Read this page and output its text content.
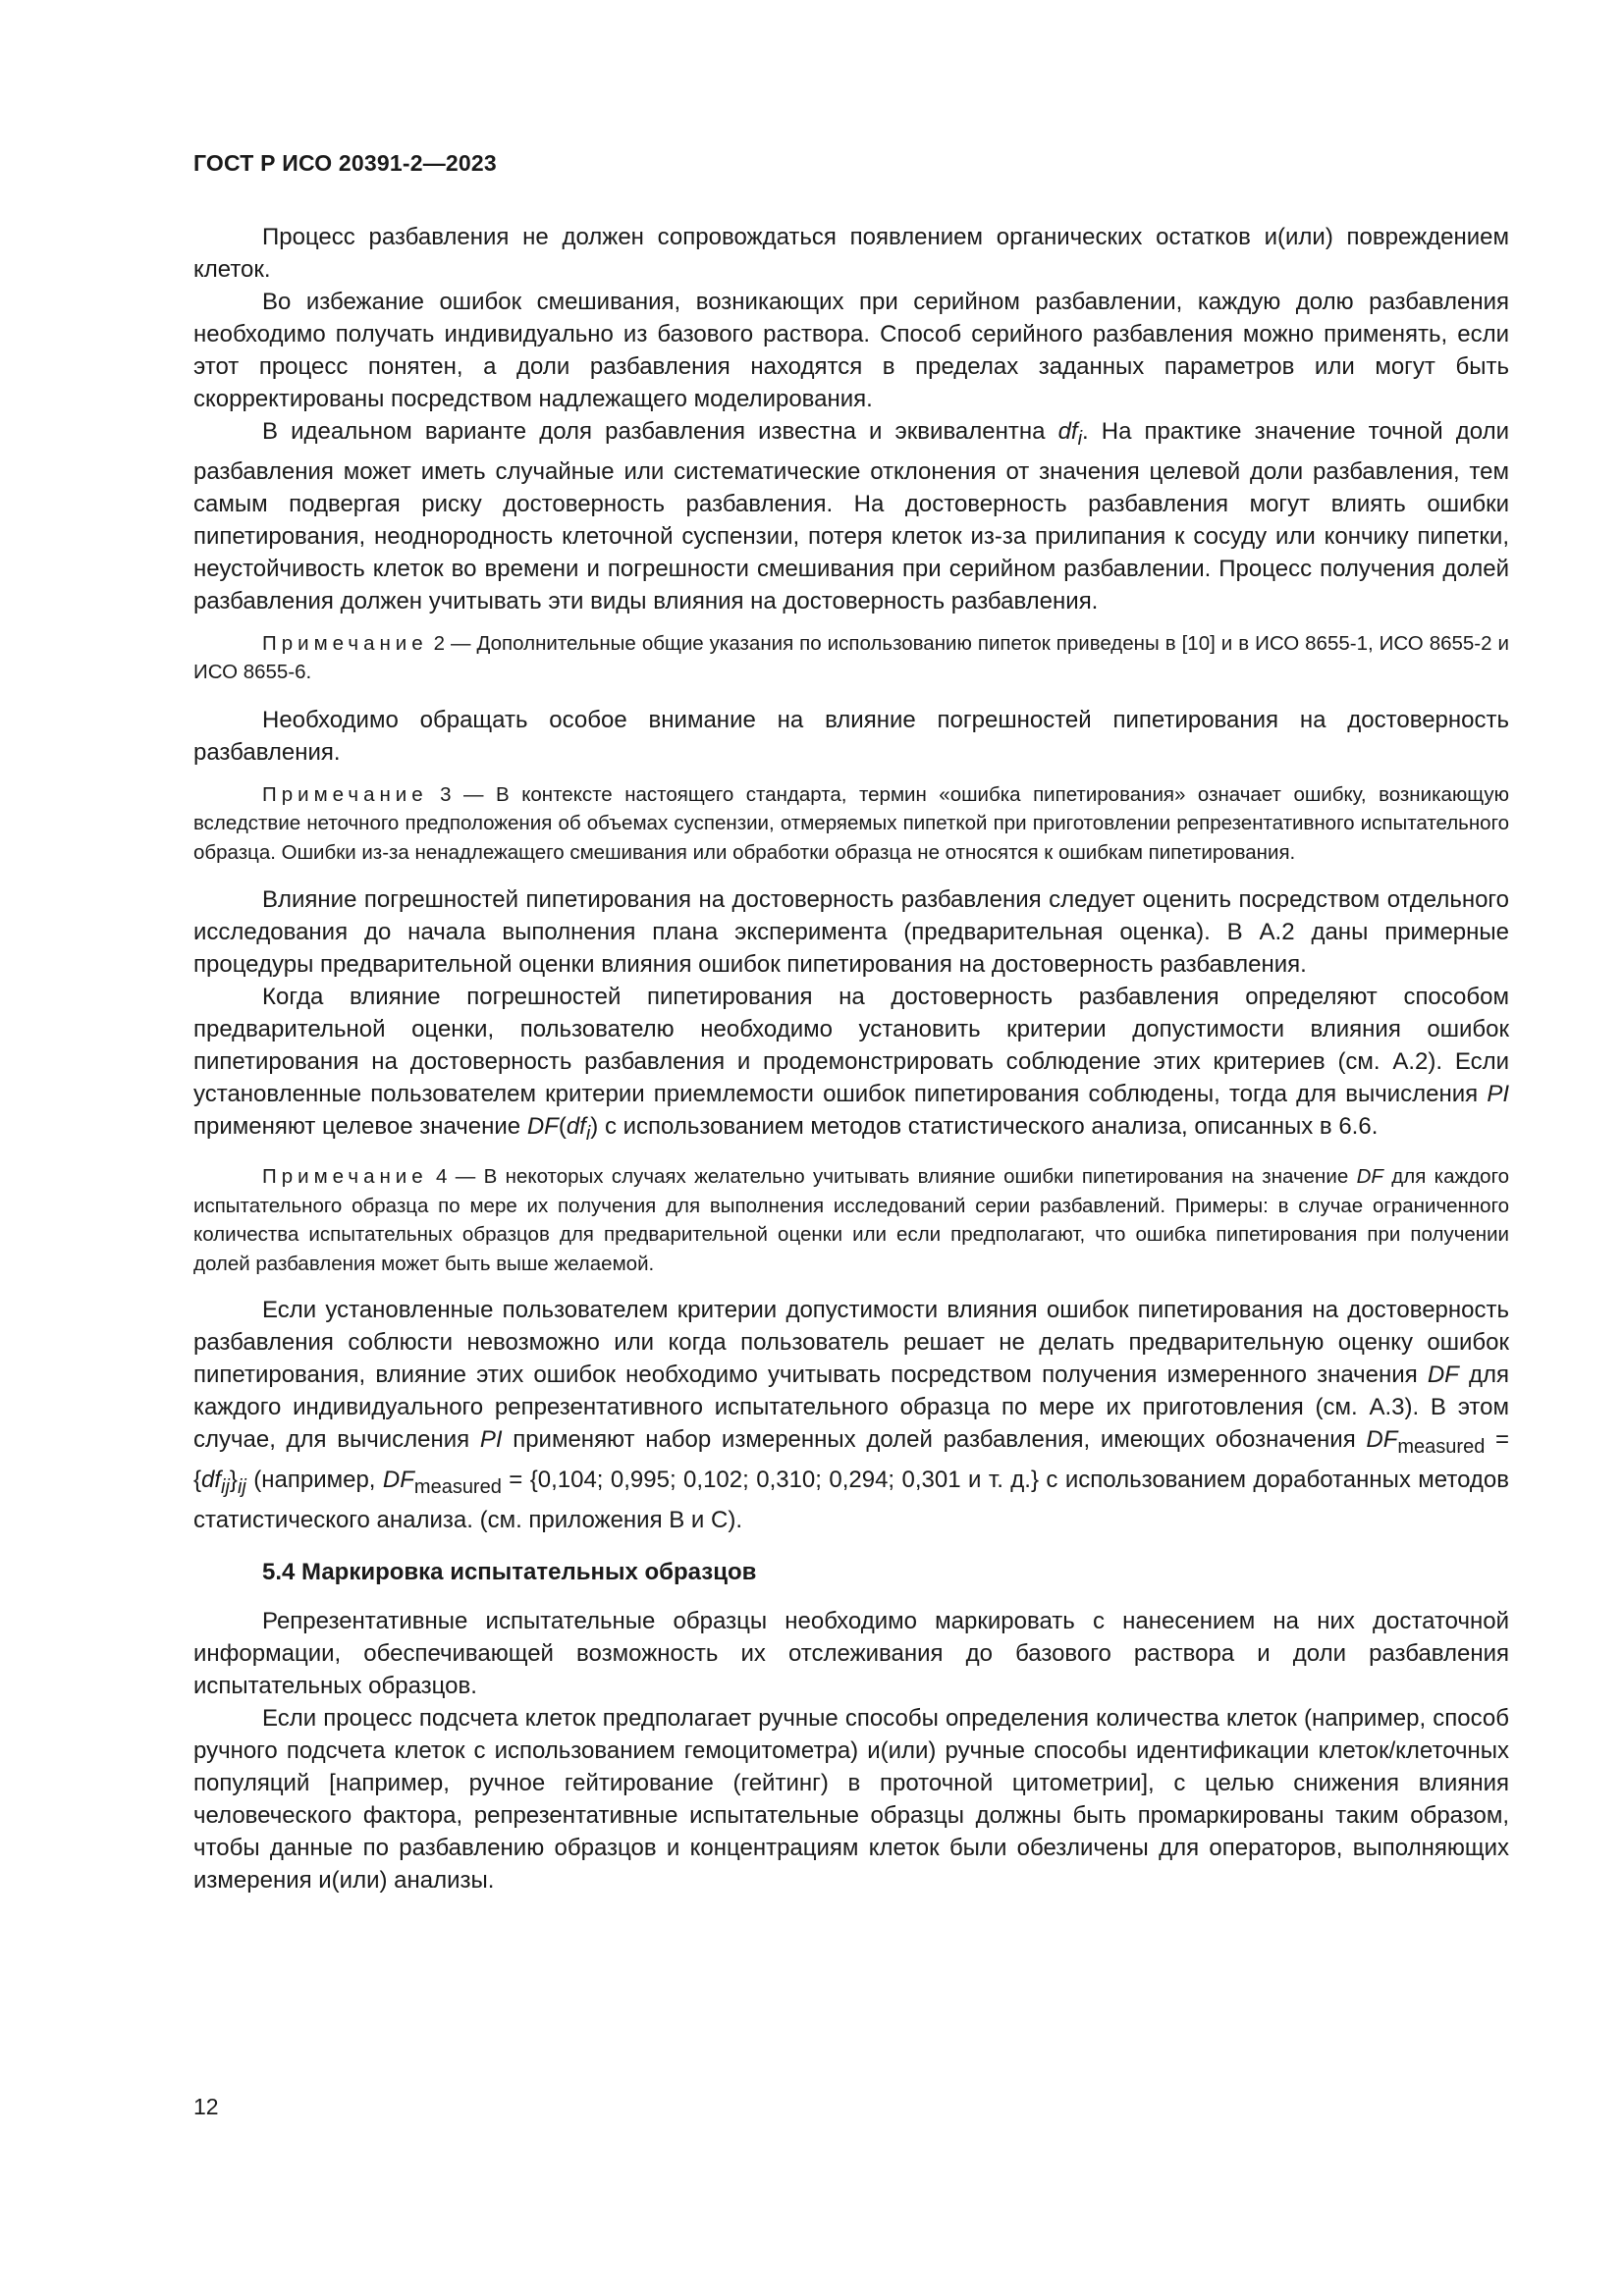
ГОСТ Р ИСО 20391-2—2023

Процесс разбавления не должен сопровождаться появлением органических остатков и(или) повреждением клеток.

Во избежание ошибок смешивания, возникающих при серийном разбавлении, каждую долю разбавления необходимо получать индивидуально из базового раствора. Способ серийного разбавления можно применять, если этот процесс понятен, а доли разбавления находятся в пределах заданных параметров или могут быть скорректированы посредством надлежащего моделирования.

В идеальном варианте доля разбавления известна и эквивалентна $df_i$. На практике значение точной доли разбавления может иметь случайные или систематические отклонения от значения целевой доли разбавления, тем самым подвергая риску достоверность разбавления. На достоверность разбавления могут влиять ошибки пипетирования, неоднородность клеточной суспензии, потеря клеток из-за прилипания к сосуду или кончику пипетки, неустойчивость клеток во времени и погрешности смешивания при серийном разбавлении. Процесс получения долей разбавления должен учитывать эти виды влияния на достоверность разбавления.

Примечание 2 — Дополнительные общие указания по использованию пипеток приведены в [10] и в ИСО 8655-1, ИСО 8655-2 и ИСО 8655-6.

Необходимо обращать особое внимание на влияние погрешностей пипетирования на достоверность разбавления.

Примечание 3 — В контексте настоящего стандарта, термин «ошибка пипетирования» означает ошибку, возникающую вследствие неточного предположения об объемах суспензии, отмеряемых пипеткой при приготовлении репрезентативного испытательного образца. Ошибки из-за ненадлежащего смешивания или обработки образца не относятся к ошибкам пипетирования.

Влияние погрешностей пипетирования на достоверность разбавления следует оценить посредством отдельного исследования до начала выполнения плана эксперимента (предварительная оценка). В А.2 даны примерные процедуры предварительной оценки влияния ошибок пипетирования на достоверность разбавления.

Когда влияние погрешностей пипетирования на достоверность разбавления определяют способом предварительной оценки, пользователю необходимо установить критерии допустимости влияния ошибок пипетирования на достоверность разбавления и продемонстрировать соблюдение этих критериев (см. А.2). Если установленные пользователем критерии приемлемости ошибок пипетирования соблюдены, тогда для вычисления PI применяют целевое значение $DF(df_i)$ с использованием методов статистического анализа, описанных в 6.6.

Примечание 4 — В некоторых случаях желательно учитывать влияние ошибки пипетирования на значение DF для каждого испытательного образца по мере их получения для выполнения исследований серии разбавлений. Примеры: в случае ограниченного количества испытательных образцов для предварительной оценки или если предполагают, что ошибка пипетирования при получении долей разбавления может быть выше желаемой.

Если установленные пользователем критерии допустимости влияния ошибок пипетирования на достоверность разбавления соблюсти невозможно или когда пользователь решает не делать предварительную оценку ошибок пипетирования, влияние этих ошибок необходимо учитывать посредством получения измеренного значения DF для каждого индивидуального репрезентативного испытательного образца по мере их приготовления (см. А.3). В этом случае, для вычисления PI применяют набор измеренных долей разбавления, имеющих обозначения $DF_{measured} = \{df_{ij}\}_{ij}$ (например, $DF_{measured} = \{0,104$; 0,995; 0,102; 0,310; 0,294; 0,301 и т. д.} с использованием доработанных методов статистического анализа. (см. приложения В и С).

5.4 Маркировка испытательных образцов

Репрезентативные испытательные образцы необходимо маркировать с нанесением на них достаточной информации, обеспечивающей возможность их отслеживания до базового раствора и доли разбавления испытательных образцов.

Если процесс подсчета клеток предполагает ручные способы определения количества клеток (например, способ ручного подсчета клеток с использованием гемоцитометра) и(или) ручные способы идентификации клеток/клеточных популяций [например, ручное гейтирование (гейтинг) в проточной цитометрии], с целью снижения влияния человеческого фактора, репрезентативные испытательные образцы должны быть промаркированы таким образом, чтобы данные по разбавлению образцов и концентрациям клеток были обезличены для операторов, выполняющих измерения и(или) анализы.

12
